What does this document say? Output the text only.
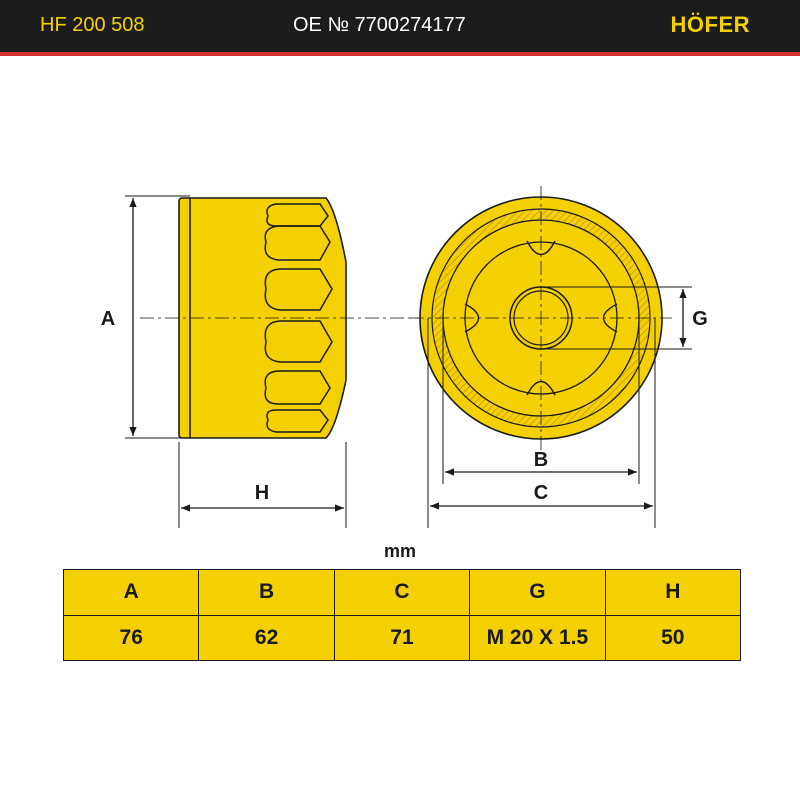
HF 200 508	OE № 7700274177	HÖFER
A
H
G
B
C
mm
A	B	C	G	H
76	62	71	M 20 X 1.5	50
